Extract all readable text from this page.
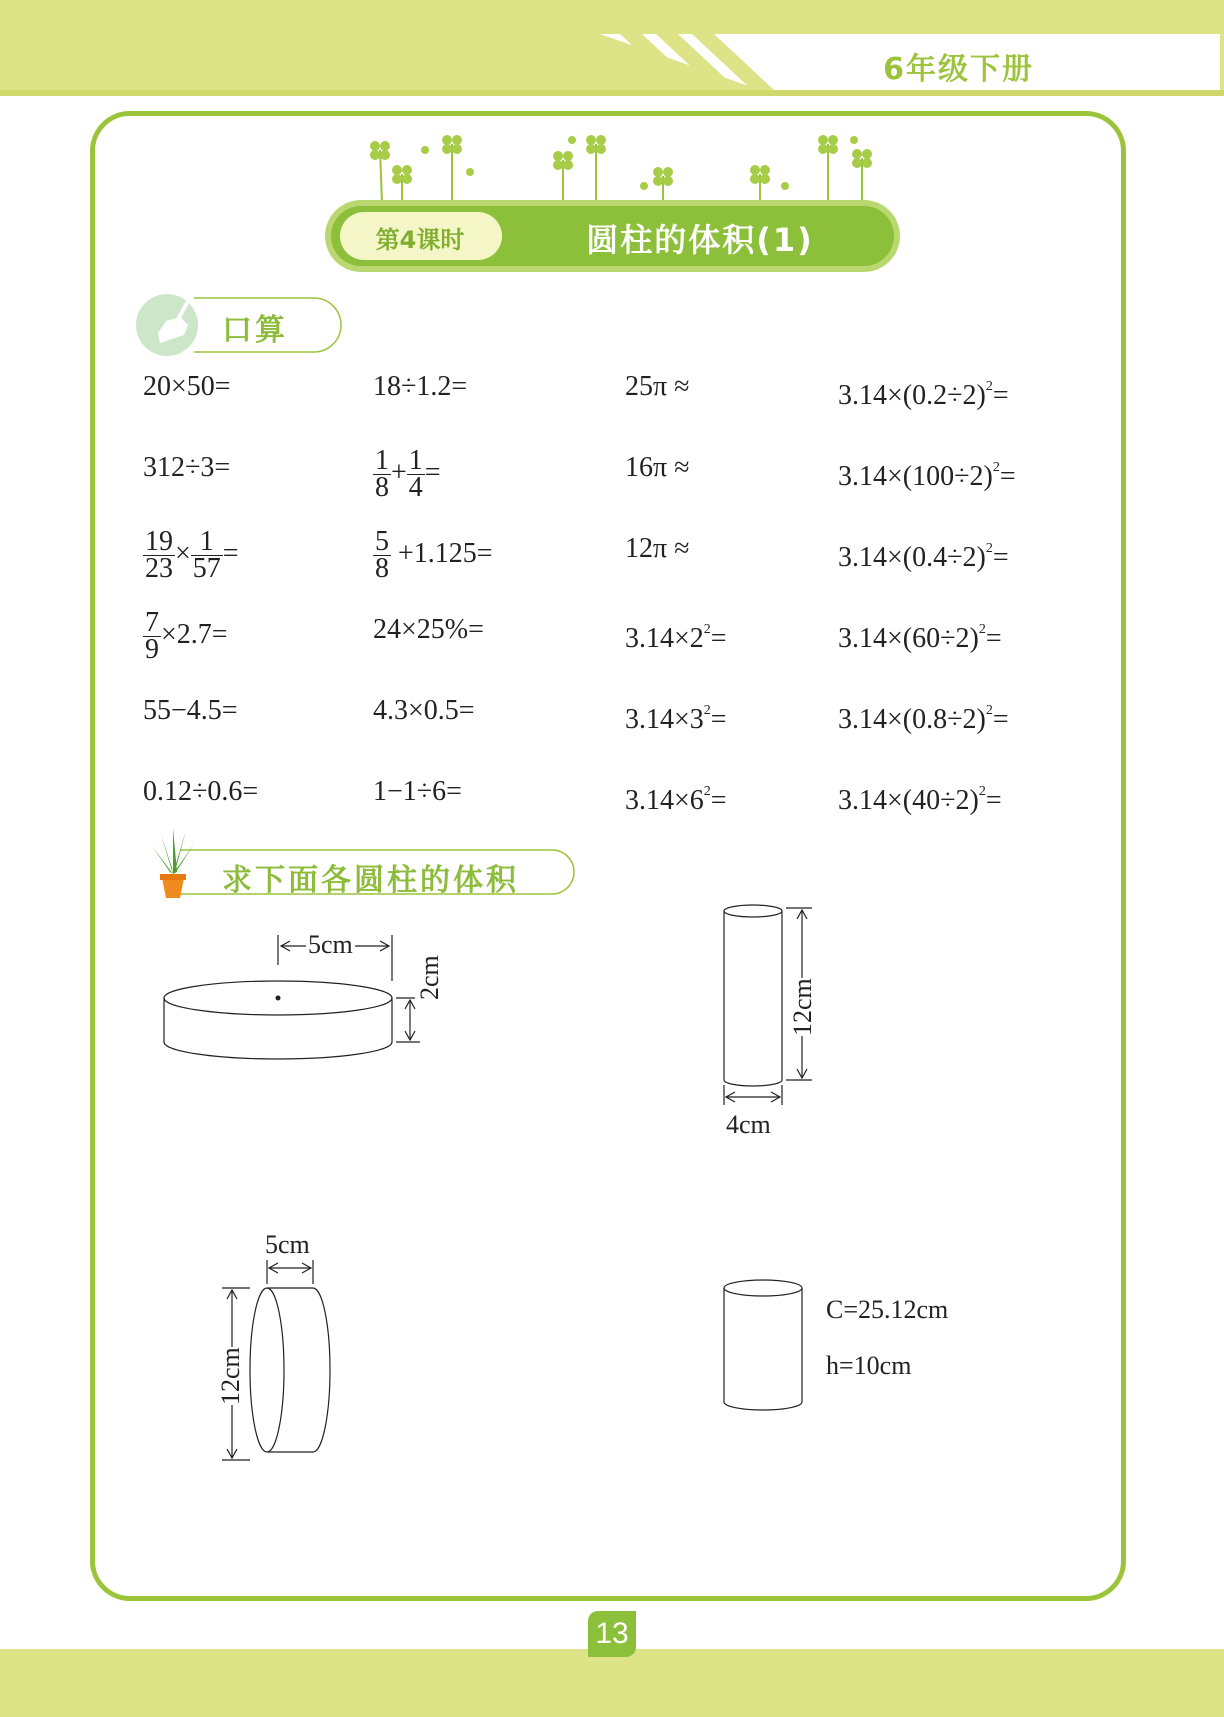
6年级下册
第4课时	圆柱的体积(1)
口算
20×50=
312÷3=
$\frac{19}{23} \times \frac{1}{57}$ =
$\frac{7}{9} \times 2.7=$
55−4.5=
0.12÷0.6=
18÷1.2=
$\frac{1}{8} + \frac{1}{4}$ =
$\frac{5}{8} +1.125=$
24×25%=
4.3×0.5=
1−1÷6=
25π ≈
16π ≈
12π ≈
$3.14\times 2^2=$
$3.14\times 3^2=$
$3.14\times 6^2=$
$3.14\times(0.2\div 2)^2=$
$3.14\times(100\div 2)^2=$
$3.14\times(0.4\div 2)^2=$
$3.14\times(60\div 2)^2=$
$3.14\times(0.8\div 2)^2=$
$3.14\times(40\div 2)^2=$
求下面各圆柱的体积
5cm
2cm
12cm
4cm
5cm
12cm
C=25.12cm
h=10cm
13
